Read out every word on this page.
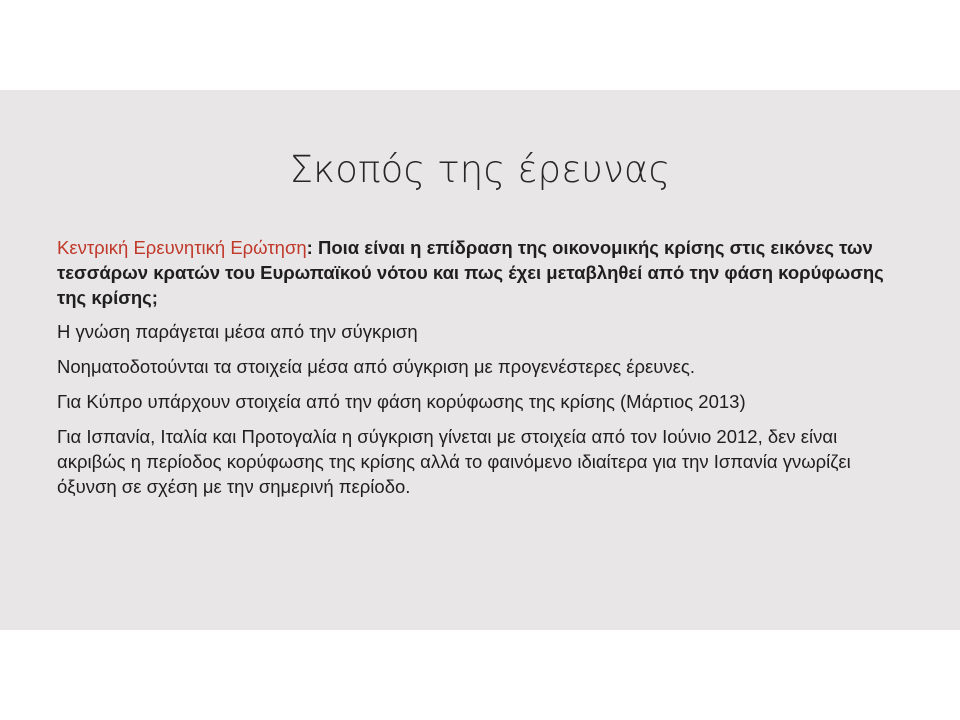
Σκοπός της έρευνας

Κεντρική Ερευνητική Ερώτηση: Ποια είναι η επίδραση της οικονομικής κρίσης στις εικόνες των τεσσάρων κρατών του Ευρωπαϊκού νότου και πως έχει μεταβληθεί από την φάση κορύφωσης της κρίσης;

Η γνώση παράγεται μέσα από την σύγκριση

Νοηματοδοτούνται τα στοιχεία μέσα από σύγκριση με προγενέστερες έρευνες.

Για Κύπρο υπάρχουν στοιχεία από την φάση κορύφωσης της κρίσης (Μάρτιος 2013)

Για Ισπανία, Ιταλία και Προτογαλία η σύγκριση γίνεται με στοιχεία από τον Ιούνιο 2012, δεν είναι ακριβώς η περίοδος κορύφωσης της κρίσης αλλά το φαινόμενο ιδιαίτερα για την Ισπανία γνωρίζει όξυνση σε σχέση με την σημερινή περίοδο.
